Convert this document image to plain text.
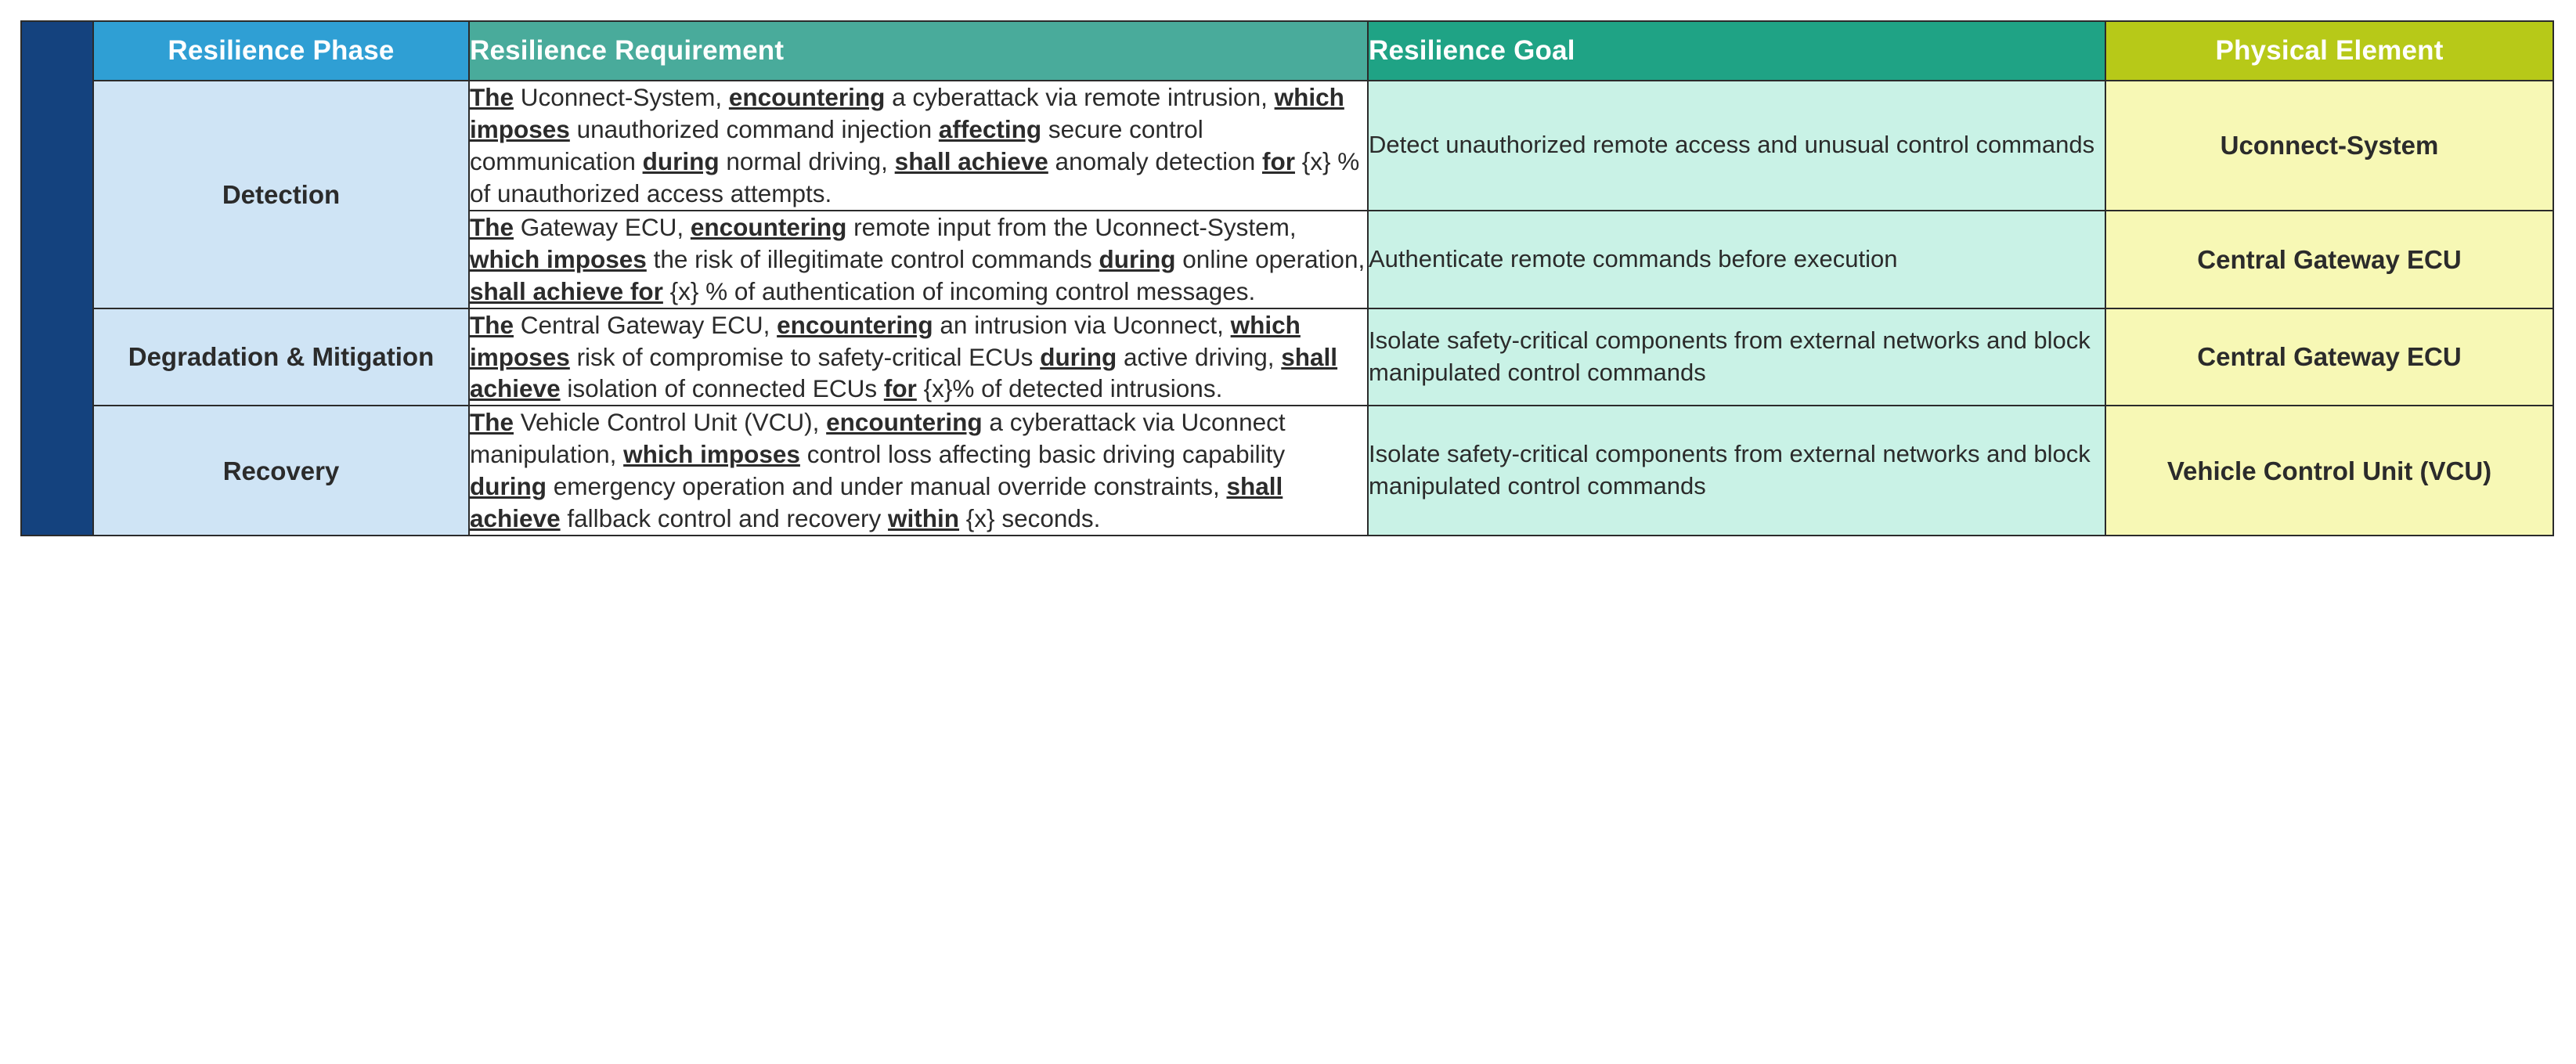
	Resilience Phase	Resilience Requirement	Resilience Goal	Physical Element
	Detection	The Uconnect-System, encountering a cyberattack via remote intrusion, which imposes unauthorized command injection affecting secure control communication during normal driving, shall achieve anomaly detection for {x} % of unauthorized access attempts.	Detect unauthorized remote access and unusual control commands	Uconnect-System
		The Gateway ECU, encountering remote input from the Uconnect-System, which imposes the risk of illegitimate control commands during online operation, shall achieve for {x} % of authentication of incoming control messages.	Authenticate remote commands before execution	Central Gateway ECU
	Degradation & Mitigation	The Central Gateway ECU, encountering an intrusion via Uconnect, which imposes risk of compromise to safety-critical ECUs during active driving, shall achieve isolation of connected ECUs for {x}% of detected intrusions.	Isolate safety-critical components from external networks and block manipulated control commands	Central Gateway ECU
	Recovery	The Vehicle Control Unit (VCU), encountering a cyberattack via Uconnect manipulation, which imposes control loss affecting basic driving capability during emergency operation and under manual override constraints, shall achieve fallback control and recovery within {x} seconds.	Isolate safety-critical components from external networks and block manipulated control commands	Vehicle Control Unit (VCU)
